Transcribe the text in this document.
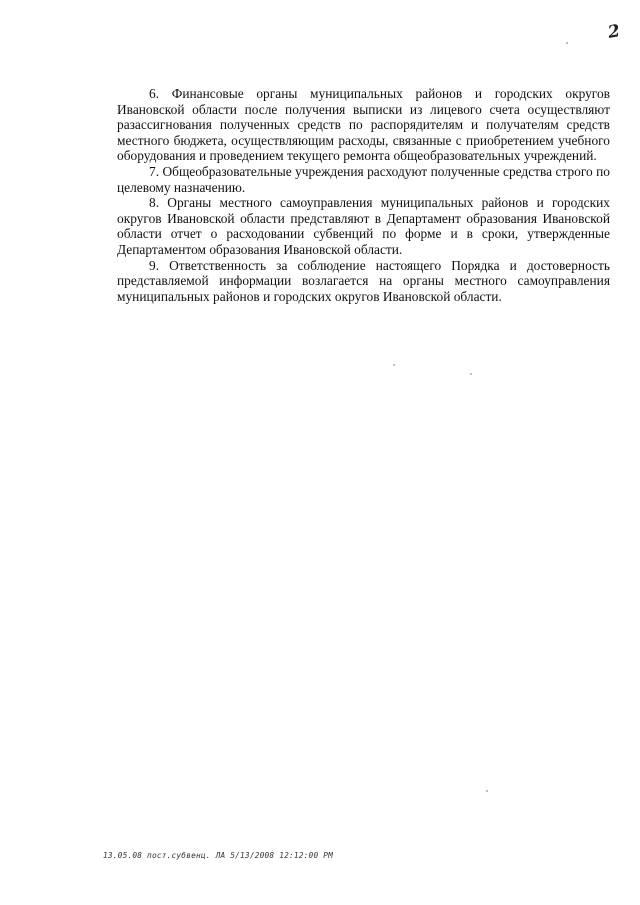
2

6. Финансовые органы муниципальных районов и городских округов Ивановской области после получения выписки из лицевого счета осуществляют разассигнования полученных средств по распорядителям и получателям средств местного бюджета, осуществляющим расходы, связанные с приобретением учебного оборудования и проведением текущего ремонта общеобразовательных учреждений.

7. Общеобразовательные учреждения расходуют полученные средства строго по целевому назначению.

8. Органы местного самоуправления муниципальных районов и городских округов Ивановской области представляют в Департамент образования Ивановской области отчет о расходовании субвенций по форме и в сроки, утвержденные Департаментом образования Ивановской области.

9. Ответственность за соблюдение настоящего Порядка и достоверность представляемой информации возлагается на органы местного самоуправления муниципальных районов и городских округов Ивановской области.

13.05.08 пост.субвенц. ЛА 5/13/2008 12:12:00 PM
